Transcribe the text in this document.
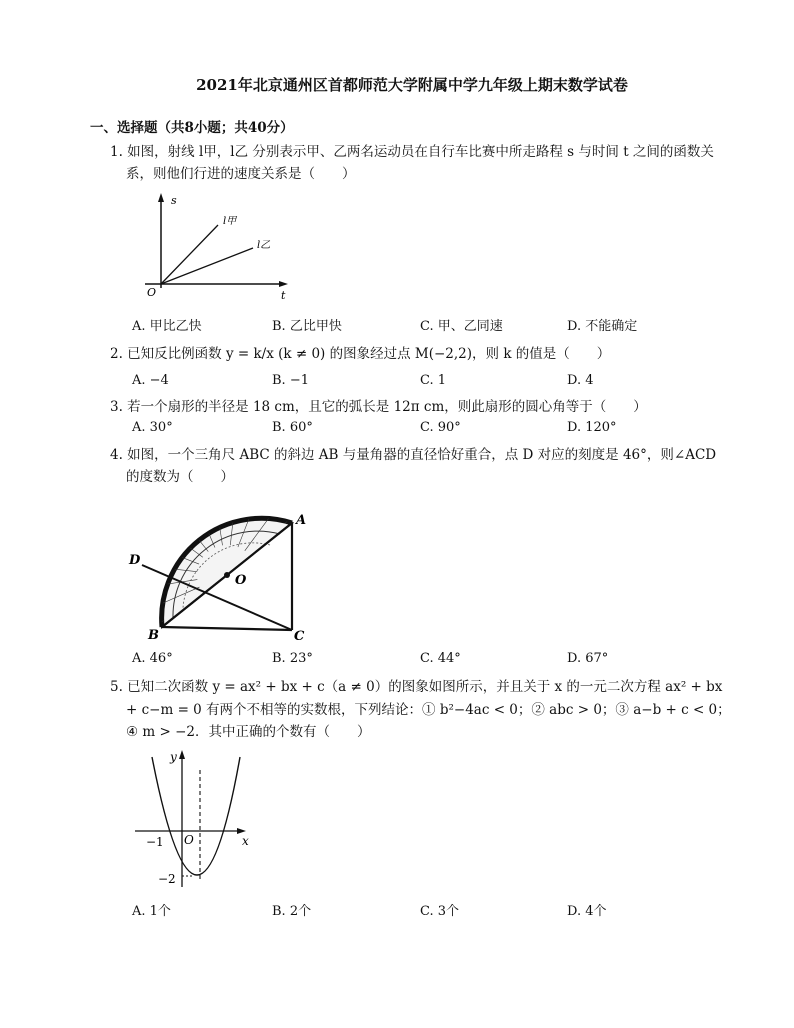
2021年北京通州区首都师范大学附属中学九年级上期末数学试卷
一、选择题（共8小题；共40分）
1. 如图，射线 l甲，l乙 分别表示甲、乙两名运动员在自行车比赛中所走路程 s 与时间 t 之间的函数关
系，则他们行进的速度关系是（　　）
s
t
O
l甲
l乙
A. 甲比乙快	B. 乙比甲快	C. 甲、乙同速	D. 不能确定
2. 已知反比例函数 y = k/x (k ≠ 0) 的图象经过点 M(−2,2)，则 k 的值是（　　）
A. −4	B. −1	C. 1	D. 4
3. 若一个扇形的半径是 18 cm，且它的弧长是 12π cm，则此扇形的圆心角等于（　　）
A. 30°	B. 60°	C. 90°	D. 120°
4. 如图，一个三角尺 ABC 的斜边 AB 与量角器的直径恰好重合，点 D 对应的刻度是 46°，则∠ACD
的度数为（　　）
A
B	C
D
O
A. 46°	B. 23°	C. 44°	D. 67°
5. 已知二次函数 y = ax² + bx + c（a ≠ 0）的图象如图所示，并且关于 x 的一元二次方程 ax² + bx
+ c−m = 0 有两个不相等的实数根，下列结论：① b²−4ac < 0；② abc > 0；③ a−b + c < 0；
④ m > −2．其中正确的个数有（　　）
y
x
O
−1
−2
A. 1个	B. 2个	C. 3个	D. 4个
